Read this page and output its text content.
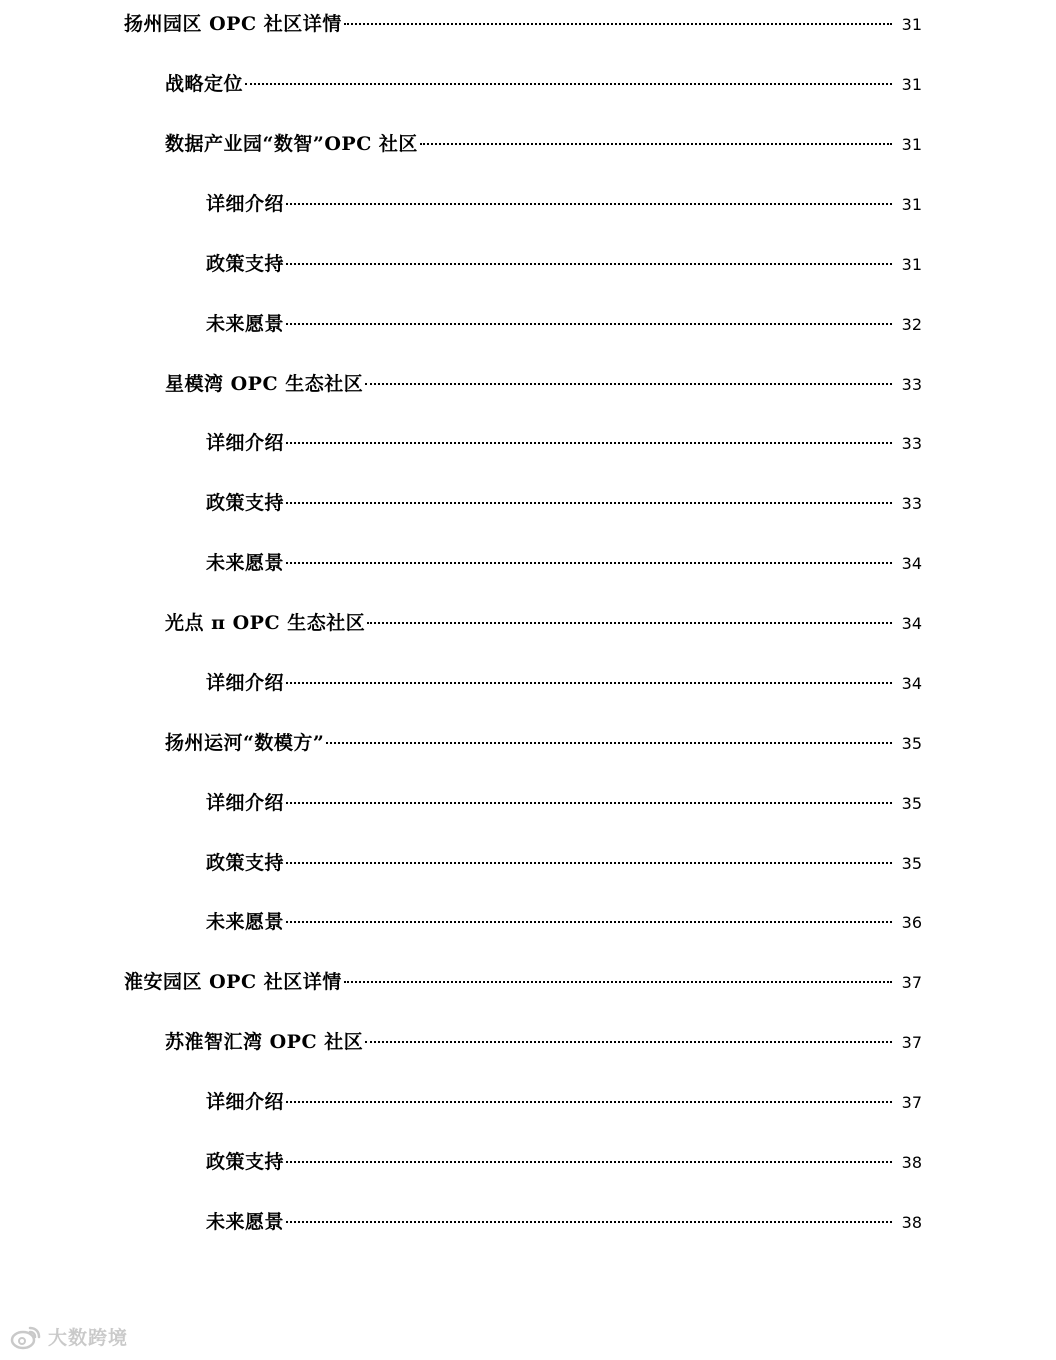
扬州园区 OPC 社区详情	31
战略定位	31
数据产业园“数智”OPC 社区	31
详细介绍	31
政策支持	31
未来愿景	32
星模湾 OPC 生态社区	33
详细介绍	33
政策支持	33
未来愿景	34
光点 π OPC 生态社区	34
详细介绍	34
扬州运河“数模方”	35
详细介绍	35
政策支持	35
未来愿景	36
淮安园区 OPC 社区详情	37
苏淮智汇湾 OPC 社区	37
详细介绍	37
政策支持	38
未来愿景	38
大数跨境
